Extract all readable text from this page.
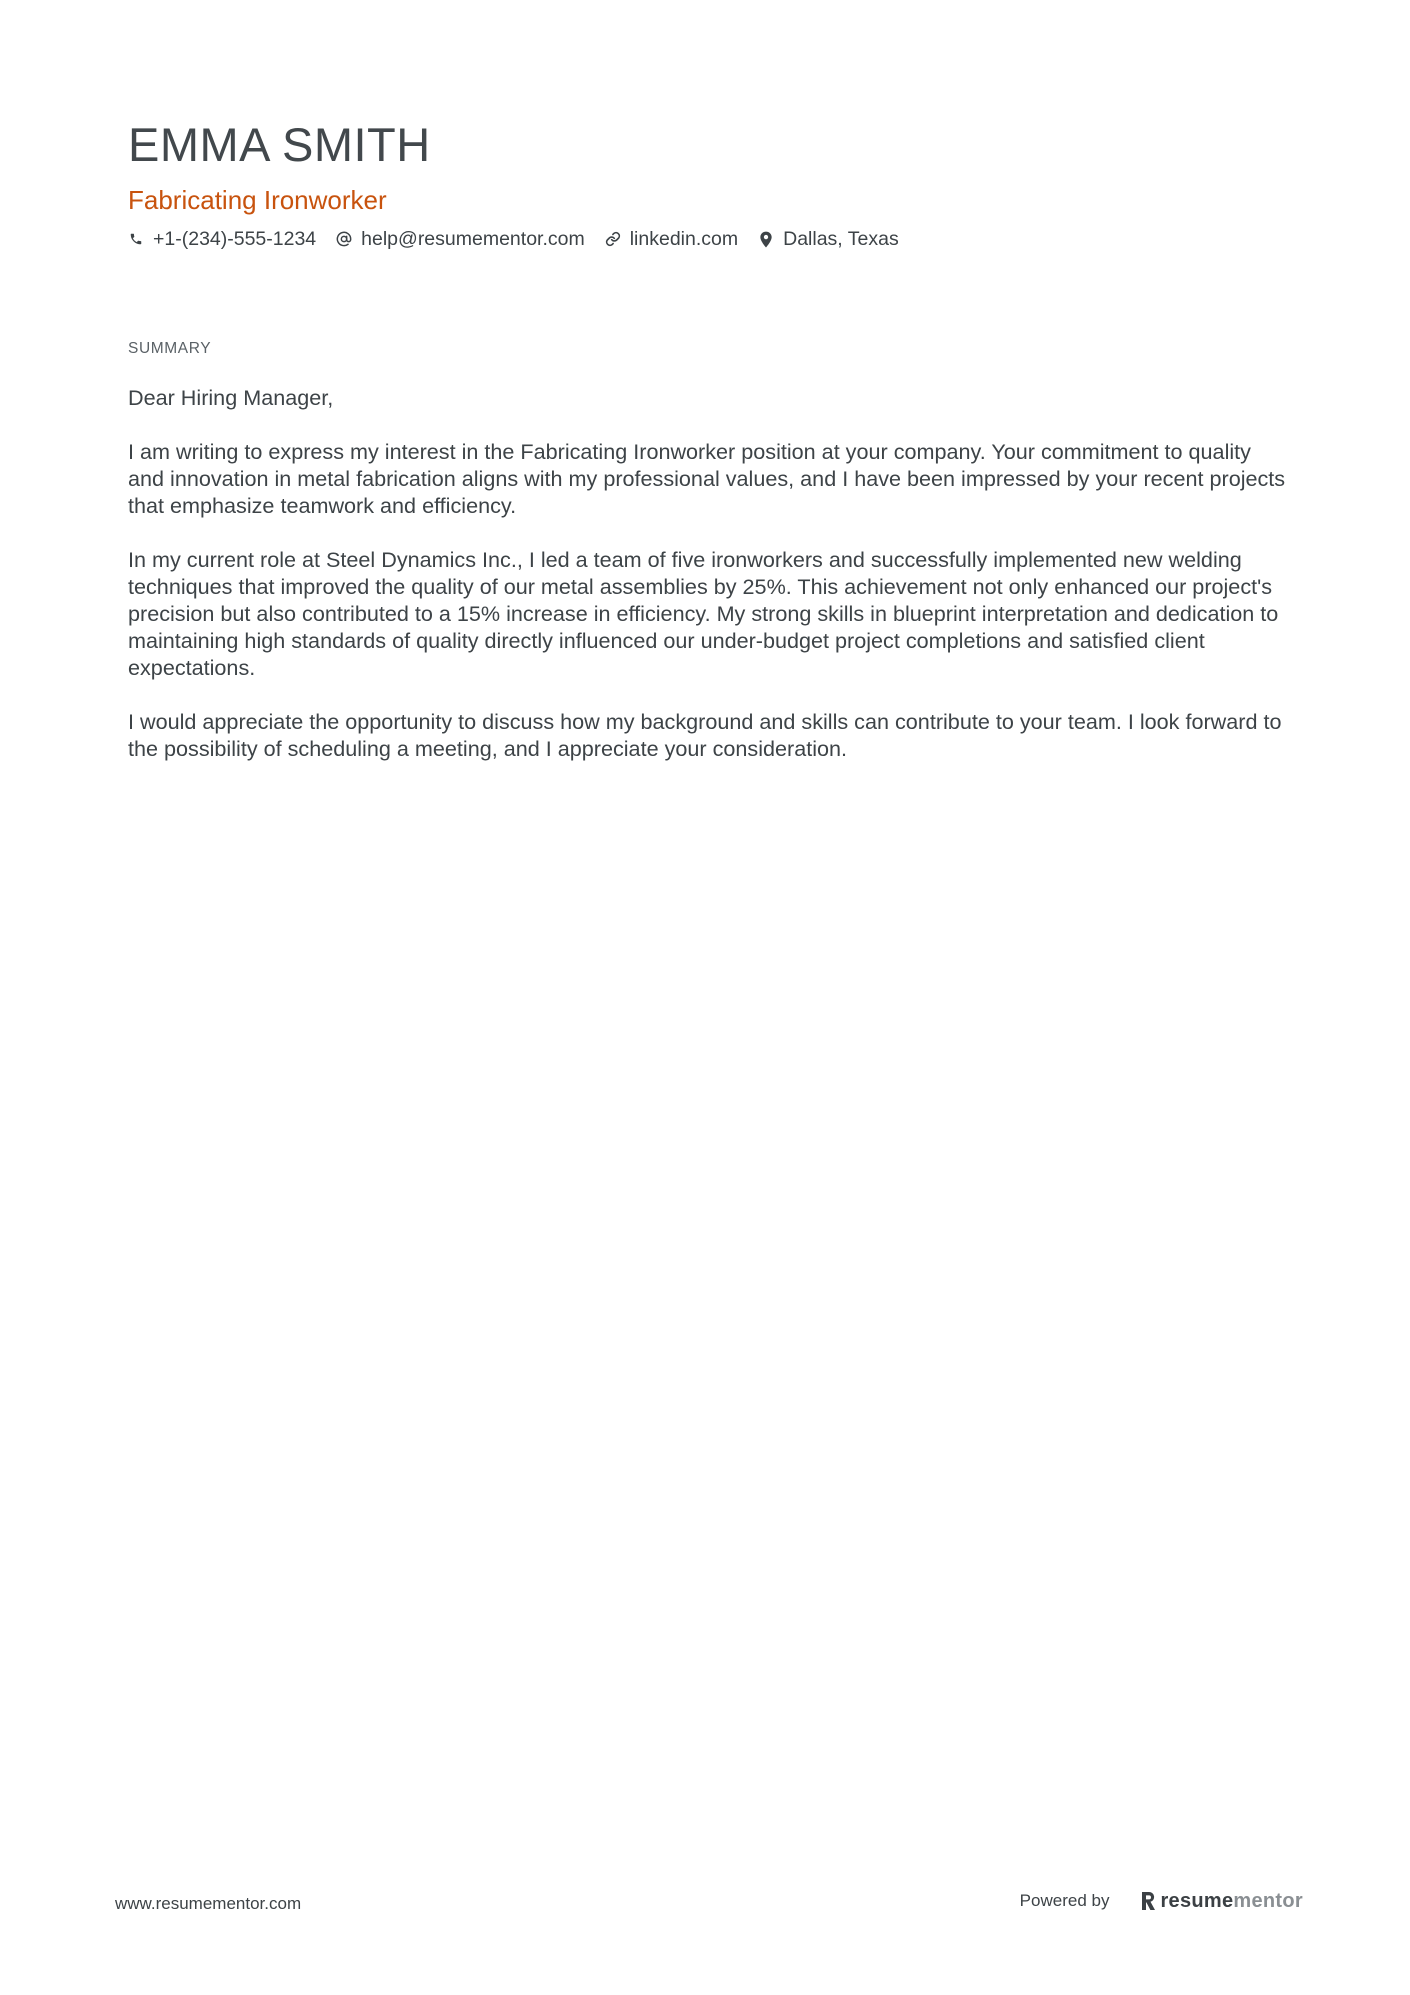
EMMA SMITH
Fabricating Ironworker
+1-(234)-555-1234 help@resumementor.com linkedin.com Dallas, Texas
SUMMARY

Dear Hiring Manager,

I am writing to express my interest in the Fabricating Ironworker position at your company. Your commitment to quality and innovation in metal fabrication aligns with my professional values, and I have been impressed by your recent projects that emphasize teamwork and efficiency.

In my current role at Steel Dynamics Inc., I led a team of five ironworkers and successfully implemented new welding techniques that improved the quality of our metal assemblies by 25%. This achievement not only enhanced our project's precision but also contributed to a 15% increase in efficiency. My strong skills in blueprint interpretation and dedication to maintaining high standards of quality directly influenced our under-budget project completions and satisfied client expectations.

I would appreciate the opportunity to discuss how my background and skills can contribute to your team. I look forward to the possibility of scheduling a meeting, and I appreciate your consideration.

www.resumementor.com	Powered by	resumementor
